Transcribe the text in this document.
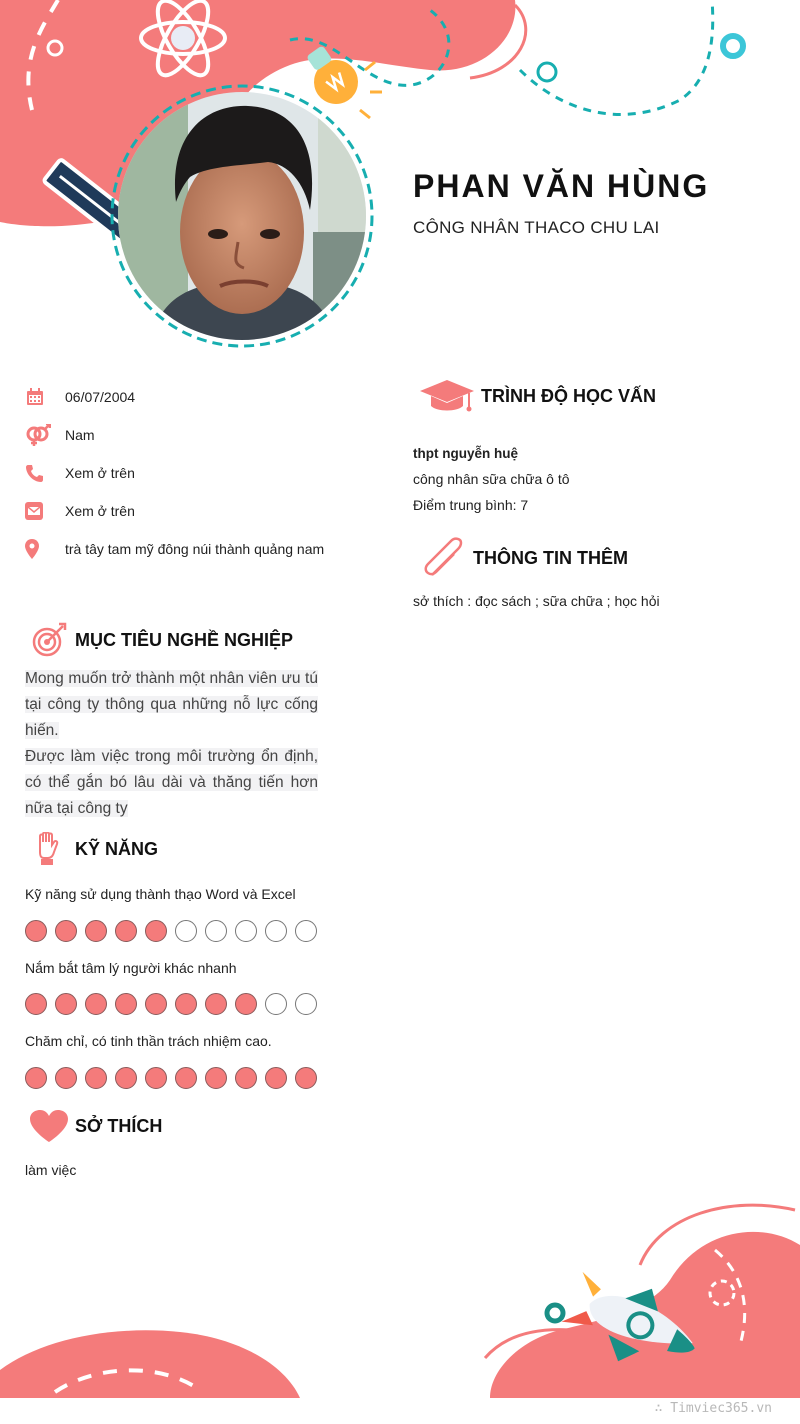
PHAN VĂN HÙNG
CÔNG NHÂN THACO CHU LAI
06/07/2004
Nam
Xem ở trên
Xem ở trên
trà tây tam mỹ đông núi thành quảng nam
MỤC TIÊU NGHỀ NGHIỆP

Mong muốn trở thành một nhân viên ưu tú tại công ty thông qua những nỗ lực cống hiến.

Được làm việc trong môi trường ổn định, có thể gắn bó lâu dài và thăng tiến hơn nữa tại công ty

KỸ NĂNG
Kỹ năng sử dụng thành thạo Word và Excel
Nắm bắt tâm lý người khác nhanh
Chăm chỉ, có tinh thần trách nhiệm cao.
SỞ THÍCH
làm việc
TRÌNH ĐỘ HỌC VẤN
thpt nguyễn huệ
công nhân sữa chữa ô tô
Điểm trung bình: 7
THÔNG TIN THÊM
sở thích : đọc sách ; sữa chữa ; học hỏi
∴ Timviec365.vn
